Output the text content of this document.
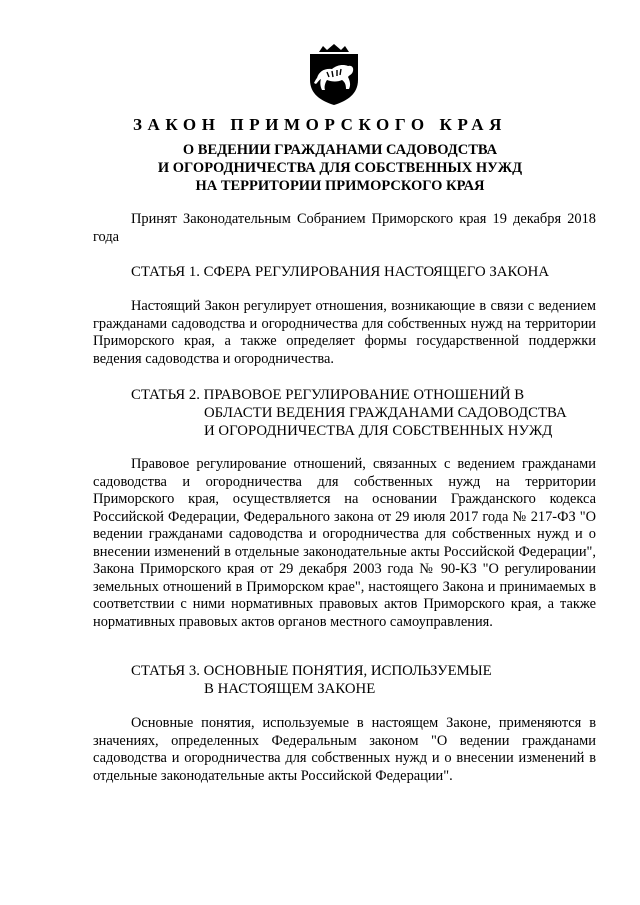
ЗАКОН ПРИМОРСКОГО КРАЯ
О ВЕДЕНИИ ГРАЖДАНАМИ САДОВОДСТВА
И ОГОРОДНИЧЕСТВА ДЛЯ СОБСТВЕННЫХ НУЖД
НА ТЕРРИТОРИИ ПРИМОРСКОГО КРАЯ

Принят Законодательным Собранием Приморского края 19 декабря 2018 года

СТАТЬЯ 1. СФЕРА РЕГУЛИРОВАНИЯ НАСТОЯЩЕГО ЗАКОНА

Настоящий Закон регулирует отношения, возникающие в связи с ведением гражданами садоводства и огородничества для собственных нужд на территории Приморского края, а также определяет формы государственной поддержки ведения садоводства и огородничества.

СТАТЬЯ 2. ПРАВОВОЕ РЕГУЛИРОВАНИЕ ОТНОШЕНИЙ В
ОБЛАСТИ ВЕДЕНИЯ ГРАЖДАНАМИ САДОВОДСТВА
И ОГОРОДНИЧЕСТВА ДЛЯ СОБСТВЕННЫХ НУЖД

Правовое регулирование отношений, связанных с ведением гражданами садоводства и огородничества для собственных нужд на территории Приморского края, осуществляется на основании Гражданского кодекса Российской Федерации, Федерального закона от 29 июля 2017 года № 217-ФЗ "О ведении гражданами садоводства и огородничества для собственных нужд и о внесении изменений в отдельные законодательные акты Российской Федерации", Закона Приморского края от 29 декабря 2003 года № 90-КЗ "О регулировании земельных отношений в Приморском крае", настоящего Закона и принимаемых в соответствии с ними нормативных правовых актов Приморского края, а также нормативных правовых актов органов местного самоуправления.

СТАТЬЯ 3. ОСНОВНЫЕ ПОНЯТИЯ, ИСПОЛЬЗУЕМЫЕ
В НАСТОЯЩЕМ ЗАКОНЕ

Основные понятия, используемые в настоящем Законе, применяются в значениях, определенных Федеральным законом "О ведении гражданами садоводства и огородничества для собственных нужд и о внесении изменений в отдельные законодательные акты Российской Федерации".
